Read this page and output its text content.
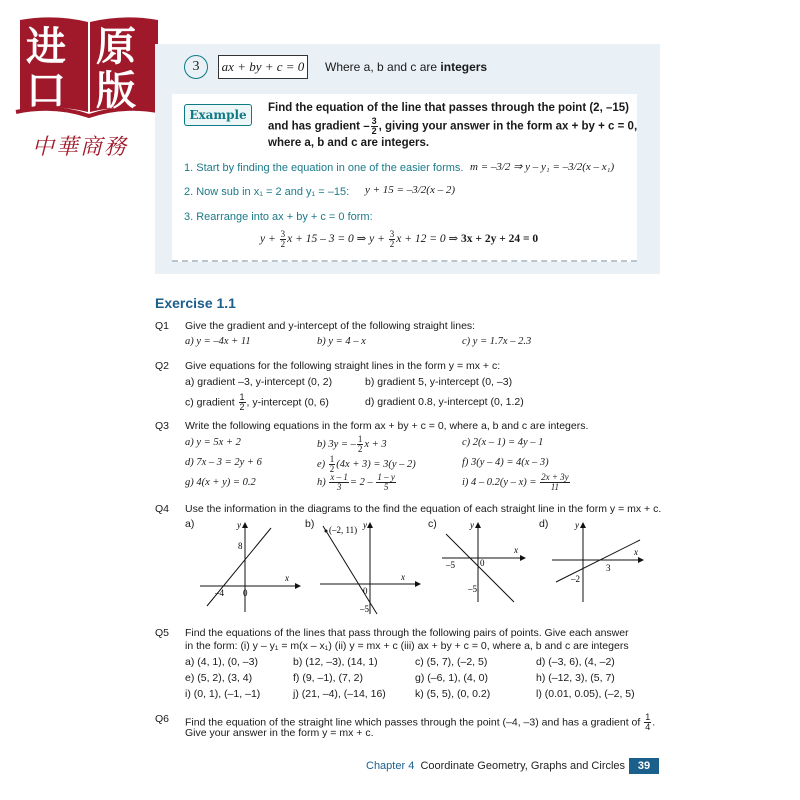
进 原
口 版
中華商務
3	ax + by + c = 0	Where a, b and c are integers
Example	Find the equation of the line that passes through the point (2, –15)
and has gradient – $\frac{3}{2}$ , giving your answer in the form ax + by + c = 0,
where a, b and c are integers.
1. Start by finding the equation in one of the easier forms. m = –3/2 ⇒ y – y₁ = –3/2(x – x₁)
2. Now sub in x₁ = 2 and y₁ = –15: y + 15 = –3/2(x – 2)
3. Rearrange into ax + by + c = 0 form:
$y + \frac{3}{2}$ x + 15 – 3 = 0 ⇒ $y + \frac{3}{2}$ x + 12 = 0 ⇒ 3x + 2y + 24 = 0
Exercise 1.1
Q1 Give the gradient and y-intercept of the following straight lines:
a) y = –4x + 11	b) y = 4 – x	c) y = 1.7x – 2.3
Q2 Give equations for the following straight lines in the form y = mx + c:
a) gradient –3, y-intercept (0, 2)	b) gradient 5, y-intercept (0, –3)
c) gradient $\frac{1}{2}$ , y-intercept (0, 6)	d) gradient 0.8, y-intercept (0, 1.2)
Q3 Write the following equations in the form ax + by + c = 0, where a, b and c are integers.
a) y = 5x + 2	b) 3y = – $\frac{1}{2}$ x + 3	c) 2(x – 1) = 4y – 1
d) 7x – 3 = 2y + 6	$e) \frac{1}{2} (4x + 3) = 3(y - 2)$	f) 3(y – 4) = 4(x – 3)
g) 4(x + y) = 0.2	$h) \frac{x - 1}{3} = 2 - \frac{1 - y}{5}$	i) $4 - 0.2(y - x) = \frac{2x + 3y}{11}$
Q4 Use the information in the diagrams to the find the equation of each straight line in the form y = mx + c.
a)	b)	c)	d)
y
x
8
–4 0
(–2, 11) y
x
0
–5
y
x
–5	0
–5
y
x
–2
3
Q5 Find the equations of the lines that pass through the following pairs of points. Give each answer
in the form: (i) y – y₁ = m(x – x₁) (ii) y = mx + c (iii) ax + by + c = 0, where a, b and c are integers
a) (4, 1), (0, –3)	b) (12, –3), (14, 1)	c) (5, 7), (–2, 5)	d) (–3, 6), (4, –2)
e) (5, 2), (3, 4)	f) (9, –1), (7, 2)	g) (–6, 1), (4, 0)	h) (–12, 3), (5, 7)
i) (0, 1), (–1, –1)	j) (21, –4), (–14, 16)	k) (5, 5), (0, 0.2)	l) (0.01, 0.05), (–2, 5)
Q6 Find the equation of the straight line which passes through the point (–4, –3) and has a gradient of $\frac{1}{4}$ .
Give your answer in the form y = mx + c.
Chapter 4 Coordinate Geometry, Graphs and Circles	39
